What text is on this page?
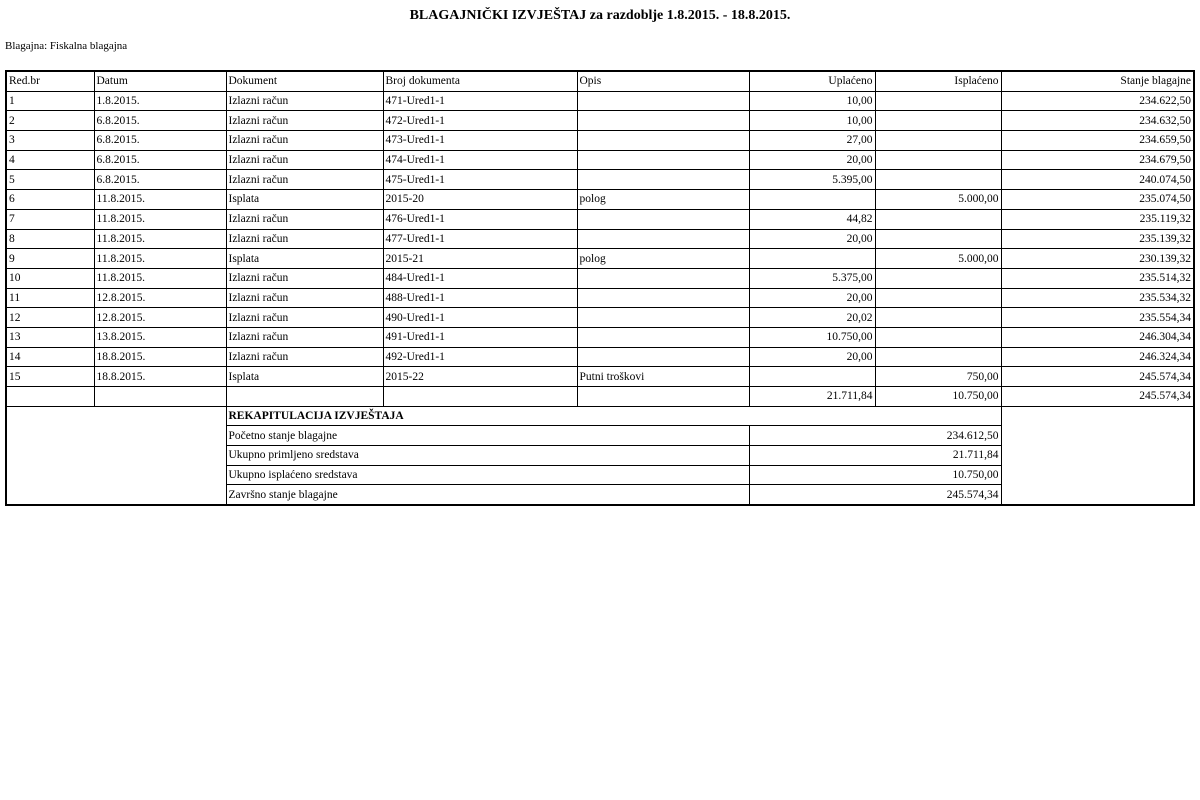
BLAGAJNIČKI IZVJEŠTAJ za razdoblje 1.8.2015. - 18.8.2015.
Blagajna: Fiskalna blagajna
Red.br	Datum	Dokument	Broj dokumenta	Opis	Uplaćeno	Isplaćeno	Stanje blagajne
1	1.8.2015.	Izlazni račun	471-Ured1-1		10,00		234.622,50
2	6.8.2015.	Izlazni račun	472-Ured1-1		10,00		234.632,50
3	6.8.2015.	Izlazni račun	473-Ured1-1		27,00		234.659,50
4	6.8.2015.	Izlazni račun	474-Ured1-1		20,00		234.679,50
5	6.8.2015.	Izlazni račun	475-Ured1-1		5.395,00		240.074,50
6	11.8.2015.	Isplata	2015-20	polog		5.000,00	235.074,50
7	11.8.2015.	Izlazni račun	476-Ured1-1		44,82		235.119,32
8	11.8.2015.	Izlazni račun	477-Ured1-1		20,00		235.139,32
9	11.8.2015.	Isplata	2015-21	polog		5.000,00	230.139,32
10	11.8.2015.	Izlazni račun	484-Ured1-1		5.375,00		235.514,32
11	12.8.2015.	Izlazni račun	488-Ured1-1		20,00		235.534,32
12	12.8.2015.	Izlazni račun	490-Ured1-1		20,02		235.554,34
13	13.8.2015.	Izlazni račun	491-Ured1-1		10.750,00		246.304,34
14	18.8.2015.	Izlazni račun	492-Ured1-1		20,00		246.324,34
15	18.8.2015.	Isplata	2015-22	Putni troškovi		750,00	245.574,34
					21.711,84	10.750,00	245.574,34
		REKAPITULACIJA IZVJEŠTAJA					
		Početno stanje blagajne			234.612,50		
		Ukupno primljeno sredstava			21.711,84		
		Ukupno isplaćeno sredstava			10.750,00		
		Završno stanje blagajne			245.574,34		
